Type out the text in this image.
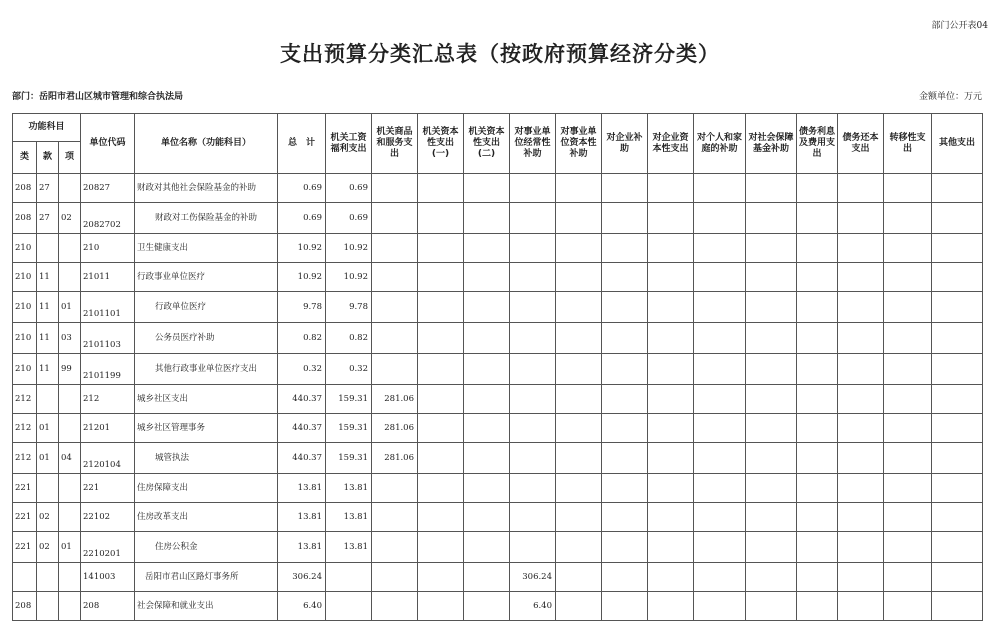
部门公开表04
支出预算分类汇总表（按政府预算经济分类）
部门：岳阳市君山区城市管理和综合执法局	金额单位：万元
功能科目			单位代码	单位名称（功能科目）	总　计	机关工资福利支出	机关商品和服务支出	机关资本性支出(一)	机关资本性支出(二)	对事业单位经常性补助	对事业单位资本性补助	对企业补助	对企业资本性支出	对个人和家庭的补助	对社会保障基金补助	债务利息及费用支出	债务还本支出	转移性支出	其他支出
类	款	项																	
208	27		20827	财政对其他社会保险基金的补助	0.69	0.69													
208	27	02	2082702	财政对工伤保险基金的补助	0.69	0.69													
210			210	卫生健康支出	10.92	10.92													
210	11		21011	行政事业单位医疗	10.92	10.92													
210	11	01	2101101	行政单位医疗	9.78	9.78													
210	11	03	2101103	公务员医疗补助	0.82	0.82													
210	11	99	2101199	其他行政事业单位医疗支出	0.32	0.32													
212			212	城乡社区支出	440.37	159.31	281.06												
212	01		21201	城乡社区管理事务	440.37	159.31	281.06												
212	01	04	2120104	城管执法	440.37	159.31	281.06												
221			221	住房保障支出	13.81	13.81													
221	02		22102	住房改革支出	13.81	13.81													
221	02	01	2210201	住房公积金	13.81	13.81													
			141003	岳阳市君山区路灯事务所	306.24					306.24									
208			208	社会保障和就业支出	6.40					6.40									
